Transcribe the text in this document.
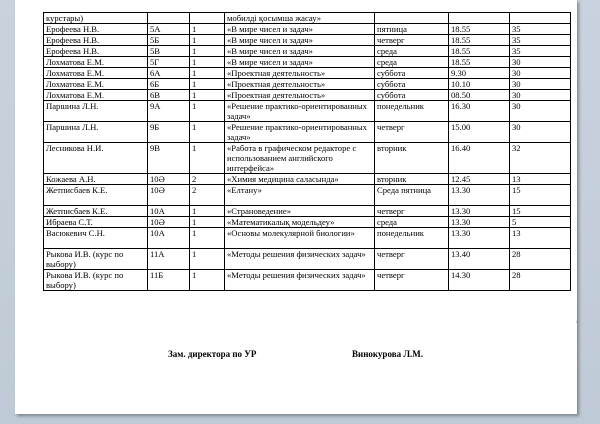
курстары)			мобилді қосымша жасау»			
Ерофеева Н.В.	5А	1	«В мире чисел и задач»	пятница	18.55	35
Ерофеева Н.В.	5Б	1	«В мире чисел и задач»	четверг	18.55	35
Ерофеева Н.В.	5В	1	«В мире чисел и задач»	среда	18.55	35
Лохматова Е.М.	5Г	1	«В мире чисел и задач»	среда	18.55	30
Лохматова Е.М.	6А	1	«Проектная деятельность»	суббота	9.30	30
Лохматова Е.М.	6Б	1	«Проектная деятельность»	суббота	10.10	30
Лохматова Е.М.	6В	1	«Проектная деятельность»	суббота	08.50	30
Паршина Л.Н.	9А	1	«Решение практико-ориентированных задач»	понедельник	16.30	30
Паршина Л.Н.	9Б	1	«Решение практико-ориентированных задач»	четверг	15.00	30
Лесникова Н.И.	9В	1	«Работа в графическом редакторе с использованием английского интерфейса»	вторник	16.40	32
Кожаева А.Н.	10Ә	2	«Химия медицина саласында»	вторник	12.45	13
Жетписбаев К.Е.	10Ә	2	«Елтану»	Среда пятница	13.30	15
Жетписбаев К.Е.	10А	1	«Страноведение»	четверг	13.30	15
Ибраева С.Т.	10Ә	1	«Математикалық модельдеу»	среда	13.30	5
Васюкевич С.Н.	10А	1	«Основы молекулярной биологии»	понедельник	13.30	13
Рыкова И.В. (курс по выбору)	11А	1	«Методы решения физических задач»	четверг	13.40	28
Рыкова И.В. (курс по выбору)	11Б	1	«Методы решения физических задач»	четверг	14.30	28
Зам. директора по УР	Винокурова Л.М.
¤
